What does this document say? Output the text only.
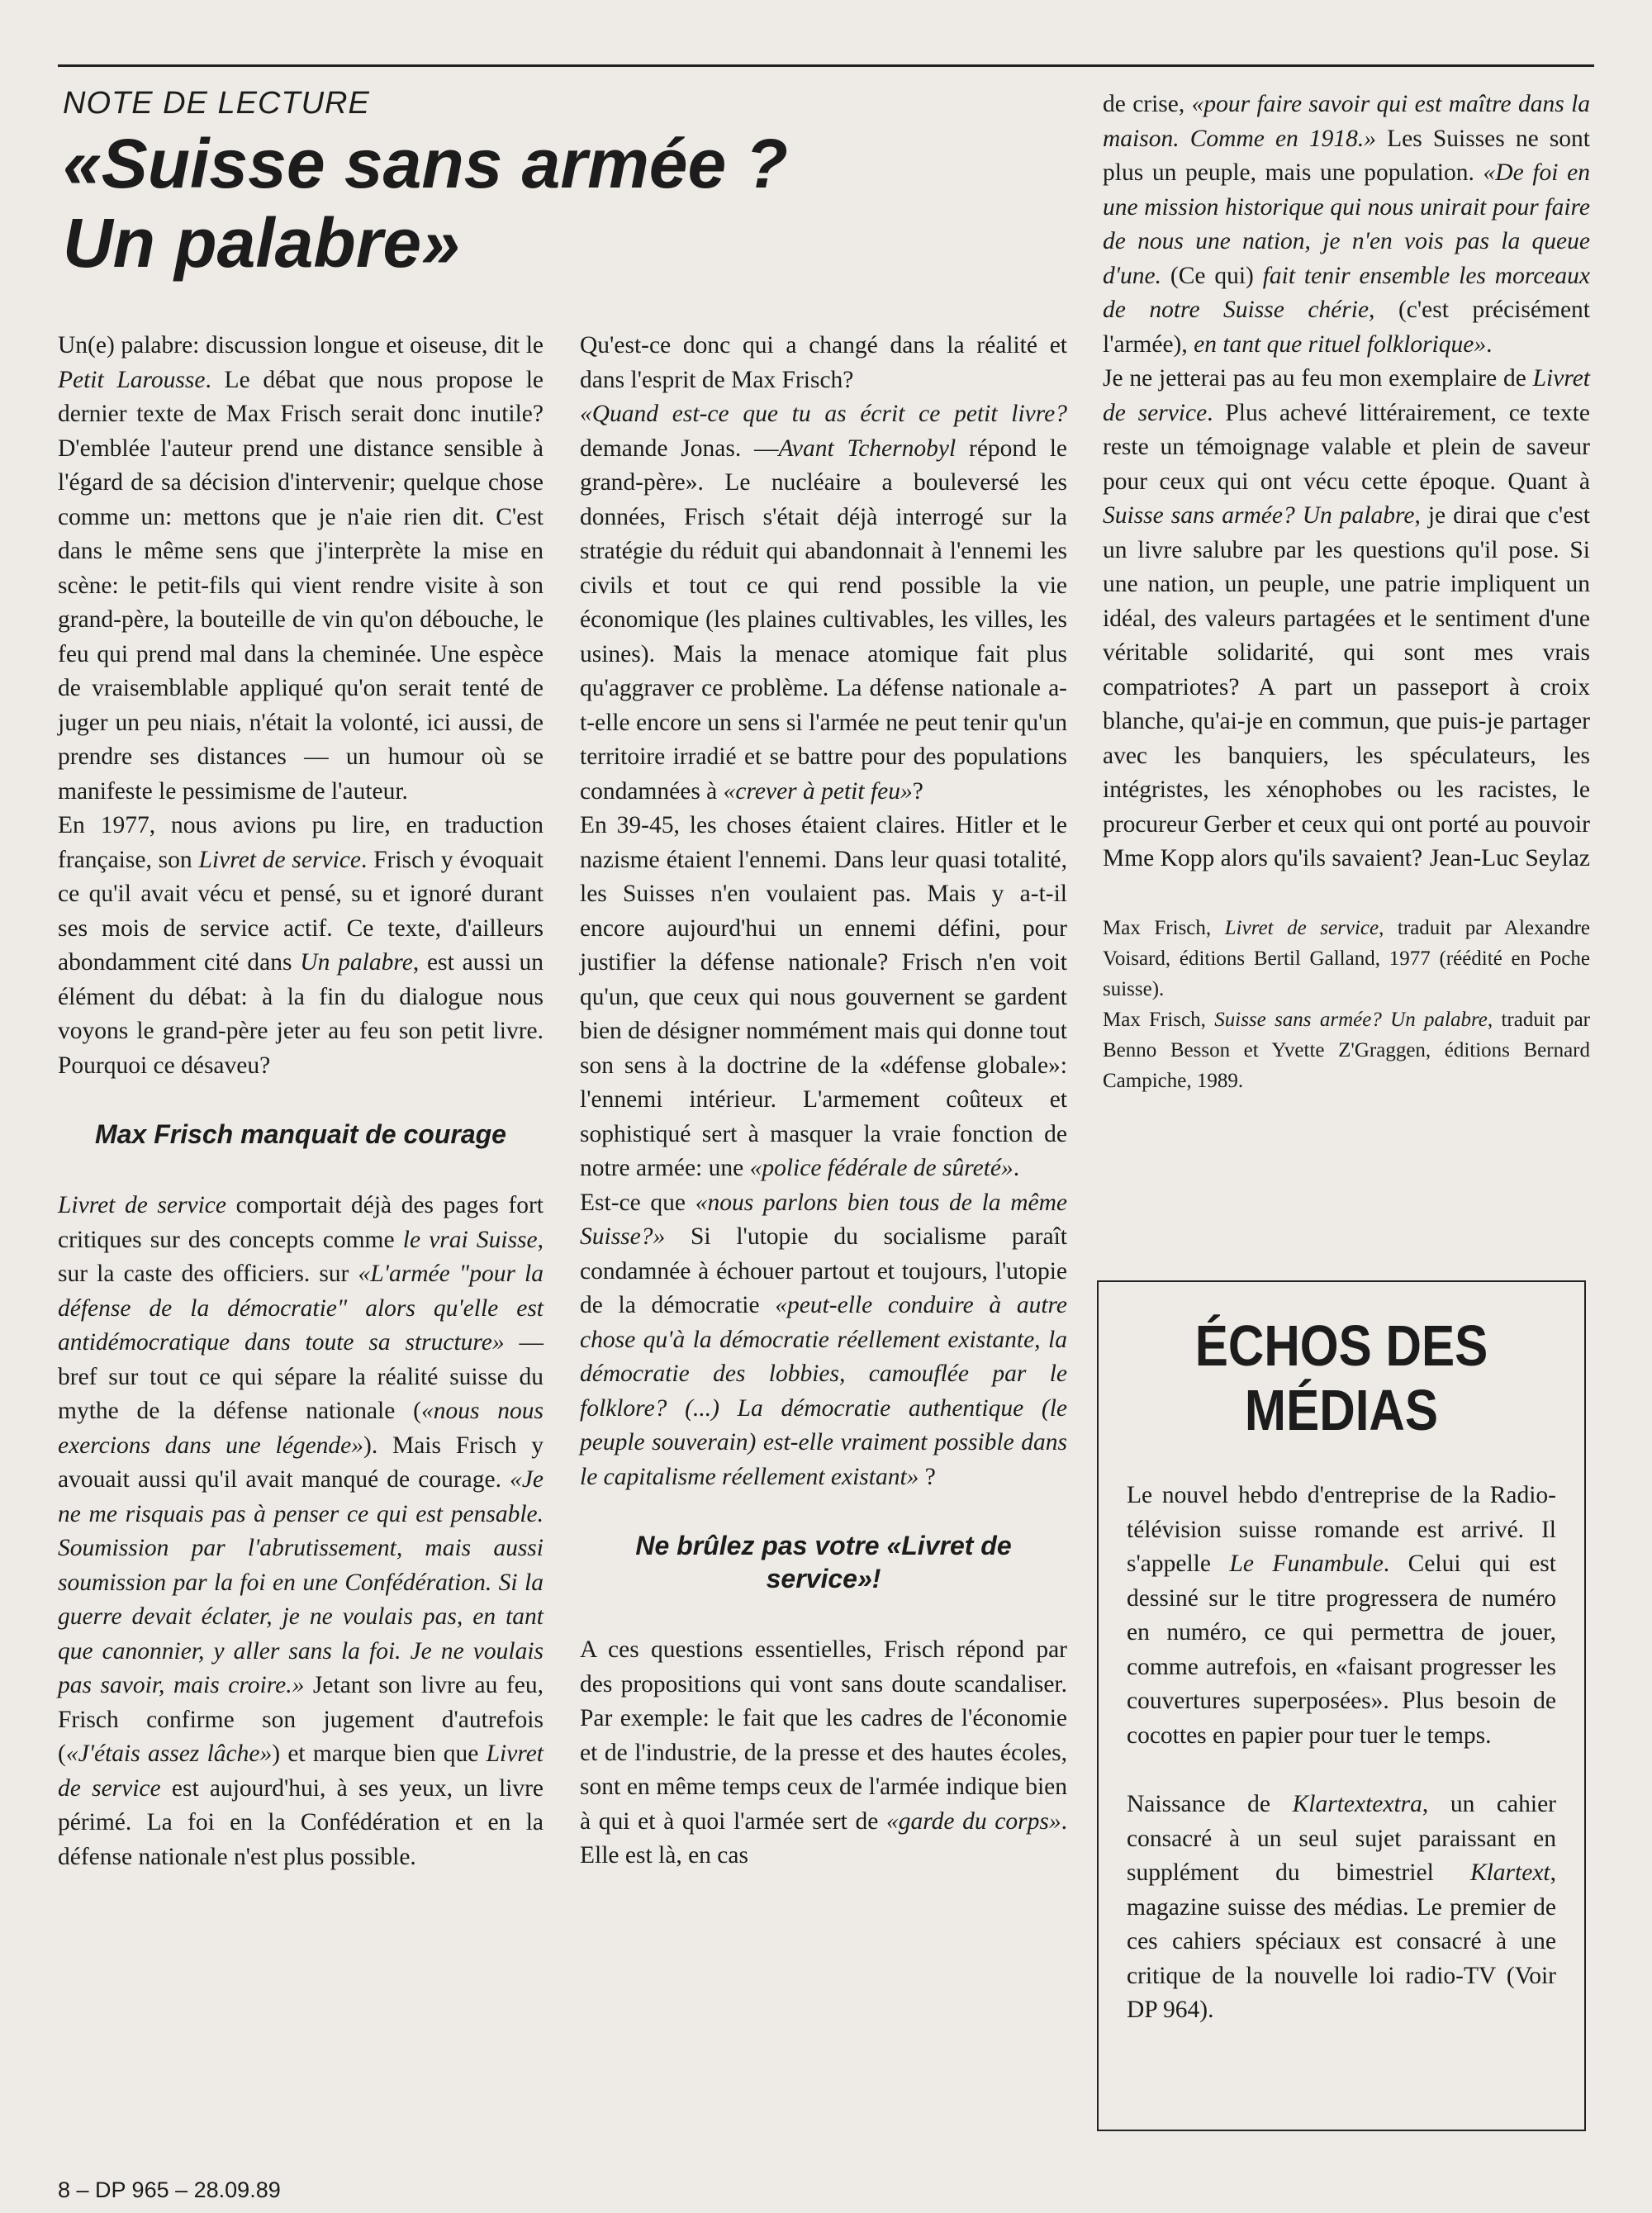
NOTE DE LECTURE
«Suisse sans armée ?
Un palabre»

Un(e) palabre: discussion longue et oiseuse, dit le Petit Larousse. Le débat que nous propose le dernier texte de Max Frisch serait donc inutile? D'emblée l'auteur prend une distance sensible à l'égard de sa décision d'intervenir; quelque chose comme un: mettons que je n'aie rien dit. C'est dans le même sens que j'interprète la mise en scène: le petit-fils qui vient rendre visite à son grand-père, la bouteille de vin qu'on débouche, le feu qui prend mal dans la cheminée. Une espèce de vraisemblable appliqué qu'on serait tenté de juger un peu niais, n'était la volonté, ici aussi, de prendre ses distances — un humour où se manifeste le pessimisme de l'auteur.

En 1977, nous avions pu lire, en traduction française, son Livret de service. Frisch y évoquait ce qu'il avait vécu et pensé, su et ignoré durant ses mois de service actif. Ce texte, d'ailleurs abondamment cité dans Un palabre, est aussi un élément du débat: à la fin du dialogue nous voyons le grand-père jeter au feu son petit livre. Pourquoi ce désaveu?

Max Frisch manquait de courage

Livret de service comportait déjà des pages fort critiques sur des concepts comme le vrai Suisse, sur la caste des officiers. sur «L'armée "pour la défense de la démocratie" alors qu'elle est antidémocratique dans toute sa structure» — bref sur tout ce qui sépare la réalité suisse du mythe de la défense nationale («nous nous exercions dans une légende»). Mais Frisch y avouait aussi qu'il avait manqué de courage. «Je ne me risquais pas à penser ce qui est pensable. Soumission par l'abrutissement, mais aussi soumission par la foi en une Confédération. Si la guerre devait éclater, je ne voulais pas, en tant que canonnier, y aller sans la foi. Je ne voulais pas savoir, mais croire.» Jetant son livre au feu, Frisch confirme son jugement d'autrefois («J'étais assez lâche») et marque bien que Livret de service est aujourd'hui, à ses yeux, un livre périmé. La foi en la Confédération et en la défense nationale n'est plus possible.

Qu'est-ce donc qui a changé dans la réalité et dans l'esprit de Max Frisch?

«Quand est-ce que tu as écrit ce petit livre? demande Jonas. —Avant Tchernobyl répond le grand-père». Le nucléaire a bouleversé les données, Frisch s'était déjà interrogé sur la stratégie du réduit qui abandonnait à l'ennemi les civils et tout ce qui rend possible la vie économique (les plaines cultivables, les villes, les usines). Mais la menace atomique fait plus qu'aggraver ce problème. La défense nationale a-t-elle encore un sens si l'armée ne peut tenir qu'un territoire irradié et se battre pour des populations condamnées à «crever à petit feu»?

En 39-45, les choses étaient claires. Hitler et le nazisme étaient l'ennemi. Dans leur quasi totalité, les Suisses n'en voulaient pas. Mais y a-t-il encore aujourd'hui un ennemi défini, pour justifier la défense nationale? Frisch n'en voit qu'un, que ceux qui nous gouvernent se gardent bien de désigner nommément mais qui donne tout son sens à la doctrine de la «défense globale»: l'ennemi intérieur. L'armement coûteux et sophistiqué sert à masquer la vraie fonction de notre armée: une «police fédérale de sûreté».

Est-ce que «nous parlons bien tous de la même Suisse?» Si l'utopie du socialisme paraît condamnée à échouer partout et toujours, l'utopie de la démocratie «peut-elle conduire à autre chose qu'à la démocratie réellement existante, la démocratie des lobbies, camouflée par le folklore? (...) La démocratie authentique (le peuple souverain) est-elle vraiment possible dans le capitalisme réellement existant» ?

Ne brûlez pas votre «Livret de service»!

A ces questions essentielles, Frisch répond par des propositions qui vont sans doute scandaliser. Par exemple: le fait que les cadres de l'économie et de l'industrie, de la presse et des hautes écoles, sont en même temps ceux de l'armée indique bien à qui et à quoi l'armée sert de «garde du corps». Elle est là, en cas

de crise, «pour faire savoir qui est maître dans la maison. Comme en 1918.» Les Suisses ne sont plus un peuple, mais une population. «De foi en une mission historique qui nous unirait pour faire de nous une nation, je n'en vois pas la queue d'une. (Ce qui) fait tenir ensemble les morceaux de notre Suisse chérie, (c'est précisément l'armée), en tant que rituel folklorique».

Je ne jetterai pas au feu mon exemplaire de Livret de service. Plus achevé littérairement, ce texte reste un témoignage valable et plein de saveur pour ceux qui ont vécu cette époque. Quant à Suisse sans armée? Un palabre, je dirai que c'est un livre salubre par les questions qu'il pose. Si une nation, un peuple, une patrie impliquent un idéal, des valeurs partagées et le sentiment d'une véritable solidarité, qui sont mes vrais compatriotes? A part un passeport à croix blanche, qu'ai-je en commun, que puis-je partager avec les banquiers, les spéculateurs, les intégristes, les xénophobes ou les racistes, le procureur Gerber et ceux qui ont porté au pouvoir Mme Kopp alors qu'ils savaient? Jean-Luc Seylaz

Max Frisch, Livret de service, traduit par Alexandre Voisard, éditions Bertil Galland, 1977 (réédité en Poche suisse).

Max Frisch, Suisse sans armée? Un palabre, traduit par Benno Besson et Yvette Z'Graggen, éditions Bernard Campiche, 1989.

ÉCHOS DES
MÉDIAS

Le nouvel hebdo d'entreprise de la Radio-télévision suisse romande est arrivé. Il s'appelle Le Funambule. Celui qui est dessiné sur le titre progressera de numéro en numéro, ce qui permettra de jouer, comme autrefois, en «faisant progresser les couvertures superposées». Plus besoin de cocottes en papier pour tuer le temps.

Naissance de Klartextextra, un cahier consacré à un seul sujet paraissant en supplément du bimestriel Klartext, magazine suisse des médias. Le premier de ces cahiers spéciaux est consacré à une critique de la nouvelle loi radio-TV (Voir DP 964).

8 – DP 965 – 28.09.89
